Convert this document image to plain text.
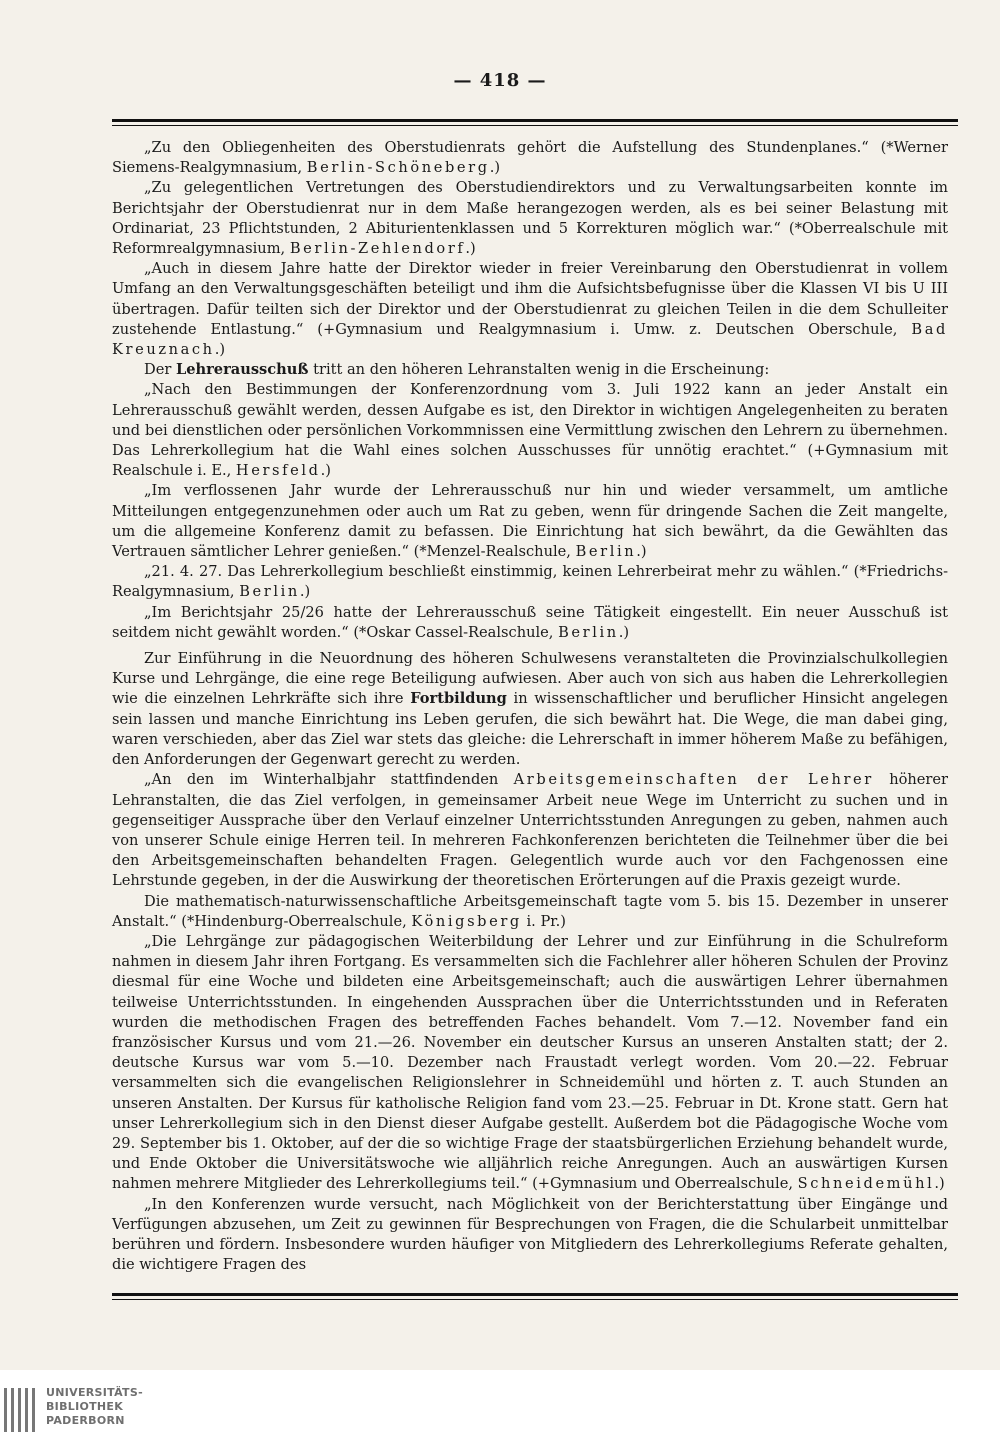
— 418 —

„Zu den Obliegenheiten des Oberstudienrats gehört die Aufstellung des Stundenplanes.“ (*Werner Siemens-Realgymnasium, Berlin-Schöneberg.)

„Zu gelegentlichen Vertretungen des Oberstudiendirektors und zu Verwaltungsarbeiten konnte im Berichtsjahr der Oberstudienrat nur in dem Maße herangezogen werden, als es bei seiner Belastung mit Ordinariat, 23 Pflichtstunden, 2 Abiturientenklassen und 5 Korrekturen möglich war.“ (*Oberrealschule mit Reformrealgymnasium, Berlin-Zehlendorf.)

„Auch in diesem Jahre hatte der Direktor wieder in freier Vereinbarung den Oberstudienrat in vollem Umfang an den Verwaltungsgeschäften beteiligt und ihm die Aufsichtsbefugnisse über die Klassen VI bis U III übertragen. Dafür teilten sich der Direktor und der Oberstudienrat zu gleichen Teilen in die dem Schulleiter zustehende Entlastung.“ (+Gymnasium und Realgymnasium i. Umw. z. Deutschen Oberschule, Bad Kreuznach.)

Der Lehrerausschuß tritt an den höheren Lehranstalten wenig in die Erscheinung:

„Nach den Bestimmungen der Konferenzordnung vom 3. Juli 1922 kann an jeder Anstalt ein Lehrerausschuß gewählt werden, dessen Aufgabe es ist, den Direktor in wichtigen Angelegenheiten zu beraten und bei dienstlichen oder persönlichen Vorkommnissen eine Vermittlung zwischen den Lehrern zu übernehmen. Das Lehrerkollegium hat die Wahl eines solchen Ausschusses für unnötig erachtet.“ (+Gymnasium mit Realschule i. E., Hersfeld.)

„Im verflossenen Jahr wurde der Lehrerausschuß nur hin und wieder versammelt, um amtliche Mitteilungen entgegenzunehmen oder auch um Rat zu geben, wenn für dringende Sachen die Zeit mangelte, um die allgemeine Konferenz damit zu befassen. Die Einrichtung hat sich bewährt, da die Gewählten das Vertrauen sämtlicher Lehrer genießen.“ (*Menzel-Realschule, Berlin.)

„21. 4. 27. Das Lehrerkollegium beschließt einstimmig, keinen Lehrerbeirat mehr zu wählen.“ (*Friedrichs-Realgymnasium, Berlin.)

„Im Berichtsjahr 25/26 hatte der Lehrerausschuß seine Tätigkeit eingestellt. Ein neuer Ausschuß ist seitdem nicht gewählt worden.“ (*Oskar Cassel-Realschule, Berlin.)

Zur Einführung in die Neuordnung des höheren Schulwesens veranstalteten die Provinzialschulkollegien Kurse und Lehrgänge, die eine rege Beteiligung aufwiesen. Aber auch von sich aus haben die Lehrerkollegien wie die einzelnen Lehrkräfte sich ihre Fortbildung in wissenschaftlicher und beruflicher Hinsicht angelegen sein lassen und manche Einrichtung ins Leben gerufen, die sich bewährt hat. Die Wege, die man dabei ging, waren verschieden, aber das Ziel war stets das gleiche: die Lehrerschaft in immer höherem Maße zu befähigen, den Anforderungen der Gegenwart gerecht zu werden.

„An den im Winterhalbjahr stattfindenden Arbeitsgemeinschaften der Lehrer höherer Lehranstalten, die das Ziel verfolgen, in gemeinsamer Arbeit neue Wege im Unterricht zu suchen und in gegenseitiger Aussprache über den Verlauf einzelner Unterrichtsstunden Anregungen zu geben, nahmen auch von unserer Schule einige Herren teil. In mehreren Fachkonferenzen berichteten die Teilnehmer über die bei den Arbeitsgemeinschaften behandelten Fragen. Gelegentlich wurde auch vor den Fachgenossen eine Lehrstunde gegeben, in der die Auswirkung der theoretischen Erörterungen auf die Praxis gezeigt wurde.

Die mathematisch-naturwissenschaftliche Arbeitsgemeinschaft tagte vom 5. bis 15. Dezember in unserer Anstalt.“ (*Hindenburg-Oberrealschule, Königsberg i. Pr.)

„Die Lehrgänge zur pädagogischen Weiterbildung der Lehrer und zur Einführung in die Schulreform nahmen in diesem Jahr ihren Fortgang. Es versammelten sich die Fachlehrer aller höheren Schulen der Provinz diesmal für eine Woche und bildeten eine Arbeitsgemeinschaft; auch die auswärtigen Lehrer übernahmen teilweise Unterrichtsstunden. In eingehenden Aussprachen über die Unterrichtsstunden und in Referaten wurden die methodischen Fragen des betreffenden Faches behandelt. Vom 7.—12. November fand ein französischer Kursus und vom 21.—26. November ein deutscher Kursus an unseren Anstalten statt; der 2. deutsche Kursus war vom 5.—10. Dezember nach Fraustadt verlegt worden. Vom 20.—22. Februar versammelten sich die evangelischen Religionslehrer in Schneidemühl und hörten z. T. auch Stunden an unseren Anstalten. Der Kursus für katholische Religion fand vom 23.—25. Februar in Dt. Krone statt. Gern hat unser Lehrerkollegium sich in den Dienst dieser Aufgabe gestellt. Außerdem bot die Pädagogische Woche vom 29. September bis 1. Oktober, auf der die so wichtige Frage der staatsbürgerlichen Erziehung behandelt wurde, und Ende Oktober die Universitätswoche wie alljährlich reiche Anregungen. Auch an auswärtigen Kursen nahmen mehrere Mitglieder des Lehrerkollegiums teil.“ (+Gymnasium und Oberrealschule, Schneidemühl.)

„In den Konferenzen wurde versucht, nach Möglichkeit von der Berichterstattung über Eingänge und Verfügungen abzusehen, um Zeit zu gewinnen für Besprechungen von Fragen, die die Schularbeit unmittelbar berühren und fördern. Insbesondere wurden häufiger von Mitgliedern des Lehrerkollegiums Referate gehalten, die wichtigere Fragen des

UNIVERSITÄTS-
BIBLIOTHEK
PADERBORN
